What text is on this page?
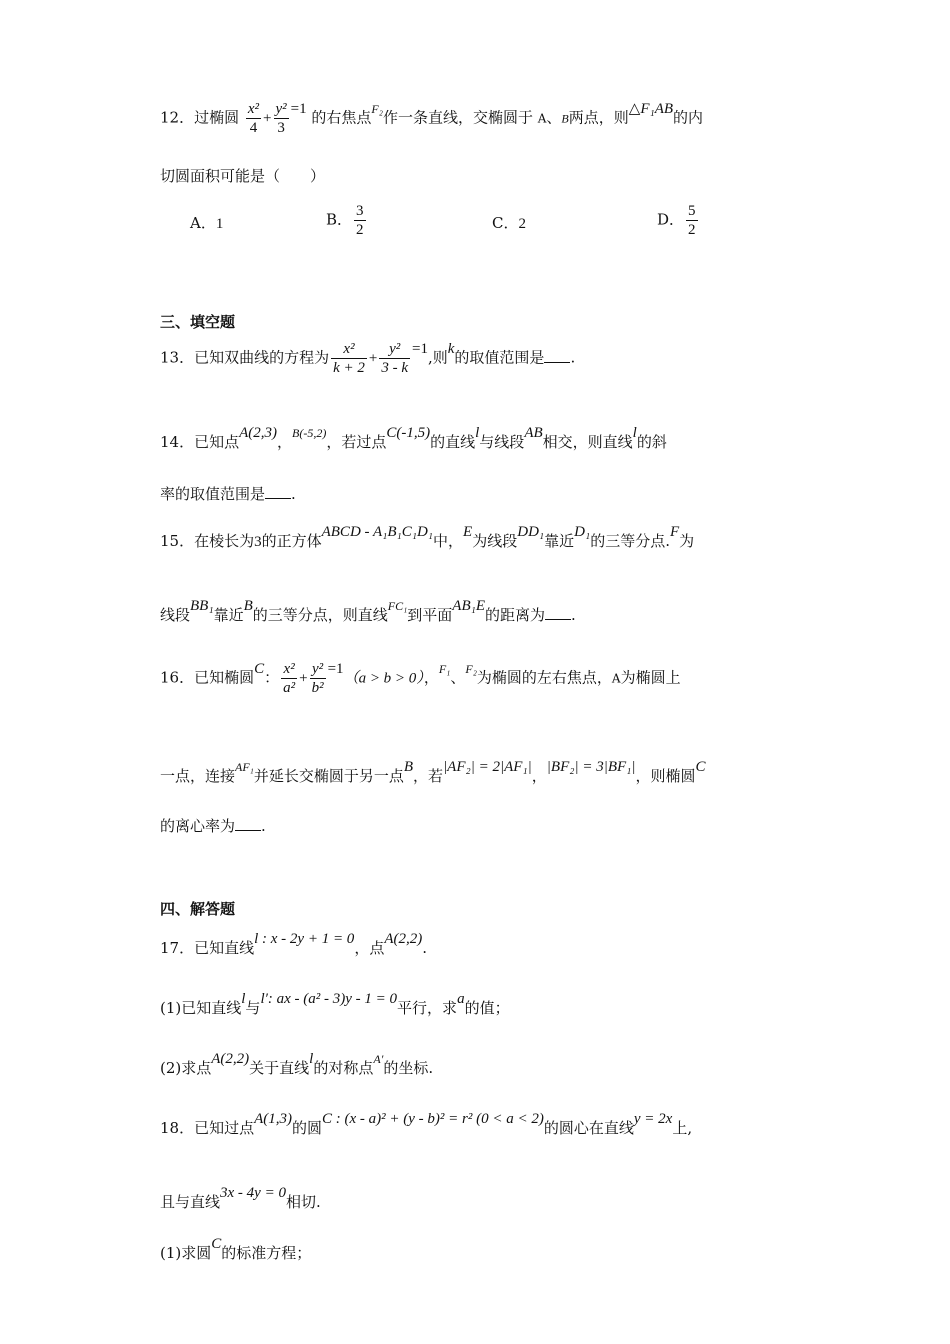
12．过椭圆 $\frac{\text{x²}}{4} + \frac{\text{y²}}{3} =1$ 的右焦点$^{F_2}$作一条直线，交椭圆于 A、B两点，则△F₁AB的内
切圆面积可能是（　　）
A．1	B． $\frac{3}{2}$	C．2	D． $\frac{5}{2}$
三、填空题
13．已知双曲线的方程为 $\frac{\text{x²}}{k + 2} + \frac{\text{y²}}{3 - k} =1$,则k的取值范围是 .
14．已知点A(2,3)，$^{B(-5,2)}$，若过点C(-1,5)的直线l与线段AB相交，则直线l的斜
率的取值范围是 .
15．在棱长为3的正方体ABCD - A₁B₁C₁D₁中，E为线段DD₁靠近D₁的三等分点.F为
线段BB₁靠近B的三等分点，则直线$^{FC_1}$到平面AB₁E的距离为 .
16．已知椭圆C： $\frac{\text{x²}}{\text{a²}} + \frac{\text{y²}}{\text{b²}} =1(a > b > 0)$，$^{F_1}$、$^{F_2}$为椭圆的左右焦点，A为椭圆上
一点，连接$^{AF_1}$并延长交椭圆于另一点B，若|AF₂| = 2|AF₁|，|BF₂| = 3|BF₁|，则椭圆C
的离心率为 .
四、解答题
17．已知直线l : x - 2y + 1 = 0，点A(2,2).
(1)已知直线l与l′: ax - (a² - 3)y - 1 = 0平行，求a的值；
(2)求点A(2,2)关于直线l的对称点$^{A'}$的坐标.
18．已知过点A(1,3)的圆C : (x - a)² + (y - b)² = r² (0 < a < 2)的圆心在直线y = 2x上,
且与直线3x - 4y = 0相切.
(1)求圆C的标准方程；
